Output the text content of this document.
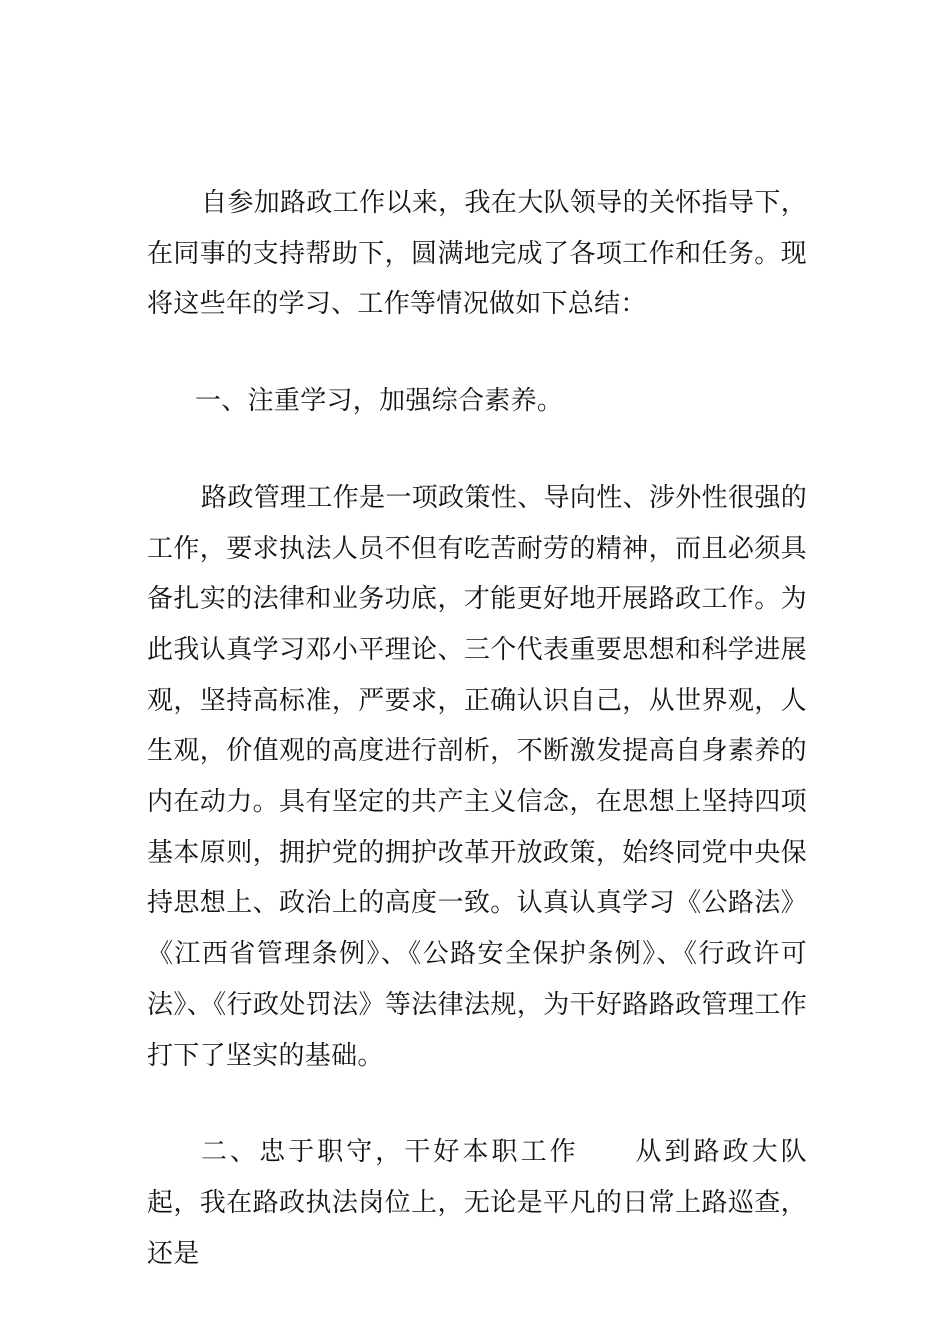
自参加路政工作以来，我在大队领导的关怀指导下，在同事的支持帮助下，圆满地完成了各项工作和任务。现将这些年的学习、工作等情况做如下总结：

一、注重学习，加强综合素养。

路政管理工作是一项政策性、导向性、涉外性很强的工作，要求执法人员不但有吃苦耐劳的精神，而且必须具备扎实的法律和业务功底，才能更好地开展路政工作。为此我认真学习邓小平理论、三个代表重要思想和科学进展观，坚持高标准，严要求，正确认识自己，从世界观，人生观，价值观的高度进行剖析，不断激发提高自身素养的内在动力。具有坚定的共产主义信念，在思想上坚持四项基本原则，拥护党的拥护改革开放政策，始终同党中央保持思想上、政治上的高度一致。认真认真学习《公路法》《江西省管理条例》、《公路安全保护条例》、《行政许可法》、《行政处罚法》等法律法规，为干好路路政管理工作打下了坚实的基础。

二、忠于职守，干好本职工作 从到路政大队起，我在路政执法岗位上，无论是平凡的日常上路巡查，还是
